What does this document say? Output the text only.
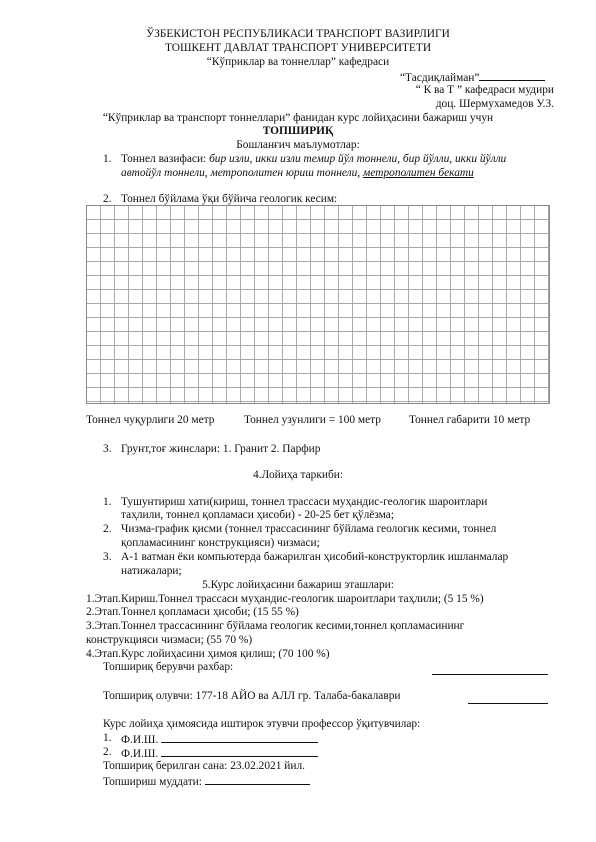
ЎЗБЕКИСТОН РЕСПУБЛИКАСИ ТРАНСПОРТ ВАЗИРЛИГИ
ТОШКЕНТ ДАВЛАТ ТРАНСПОРТ УНИВЕРСИТЕТИ
“Кўприклар ва тоннеллар” кафедраси
“Тасдиқлайман”
“ К ва Т ” кафедраси мудири
доц. Шермухамедов У.З.
“Кўприклар ва транспорт тоннеллари” фанидан курс лойиҳасини бажариш учун
ТОПШИРИҚ
Бошланғич маълумотлар:
1. Тоннел вазифаси: бир изли, икки изли темир йўл тоннели, бир йўлли, икки йўлли
автойўл тоннели, метрополитен юриш тоннели, метрополитен бекати
2. Тоннел бўйлама ўқи бўйича геологик кесим:
Тоннел чуқурлиги 20 метр	Тоннел узунлиги = 100 метр Тоннел габарити 10 метр
3. Грунт,тоғ жинслари: 1. Гранит 2. Парфир
4.Лойиҳа таркиби:
1. Тушунтириш хати(кириш, тоннел трассаси муҳандис-геологик шароитлари
таҳлили, тоннел қопламаси ҳисоби) - 20-25 бет қўлёзма;
2. Чизма-график қисми (тоннел трассасининг бўйлама геологик кесими, тоннел
қопламасининг конструкцияси) чизмаси;
3. А-1 ватман ёки компьютерда бажарилган ҳисобий-конструкторлик ишланмалар
натижалари;
5.Курс лойиҳасини бажариш эташлари:
1.Этап.Кириш.Тоннел трассаси муҳандис-геологик шароитлари таҳлили; (5 15 %)
2.Этап.Тоннел қопламаси ҳисоби; (15 55 %)
3.Этап.Тоннел трассасининг бўйлама геологик кесими,тоннел қопламасининг
конструкцияси чизмаси; (55 70 %)
4.Этап.Курс лойиҳасини ҳимоя қилиш; (70 100 %)
Топшириқ берувчи рахбар:
Топшириқ олувчи: 177-18 АЙО ва АЛЛ гр. Талаба-бакалаври
Курс лойиҳа ҳимоясида иштирок этувчи профессор ўқитувчилар:
1. Ф.И.Ш.
2. Ф.И.Ш.
Топшириқ берилган сана: 23.02.2021 йил.
Топшириш муддати:
